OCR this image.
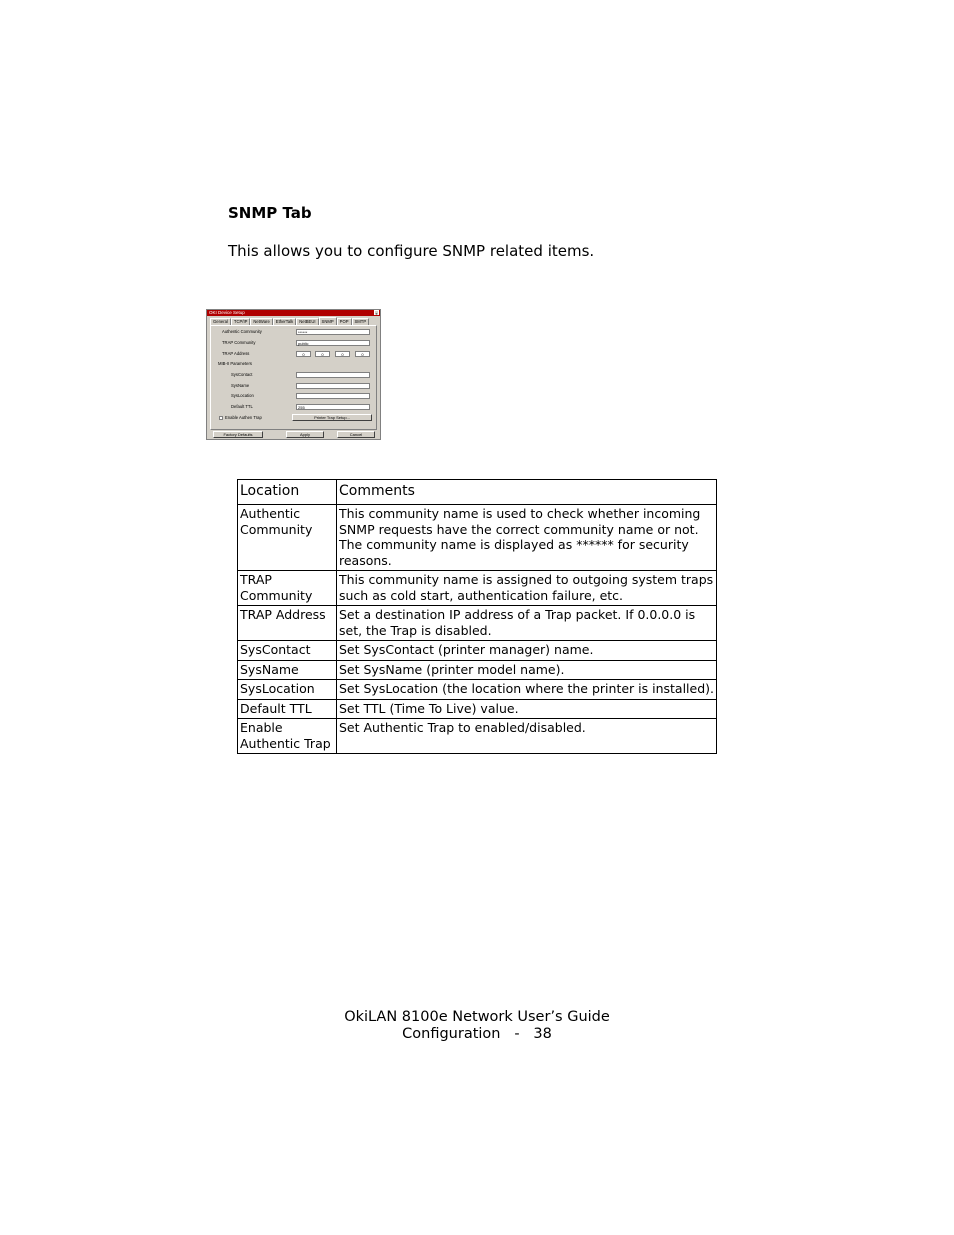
SNMP Tab
This allows you to configure SNMP related items.
OKI Device Setup	x
General	TCP/IP	NetWare	EtherTalk	NetBEUI	SNMP	POP	SMTP
Authentic Community	******
TRAP Community	public
TRAP Address	0	0	0	0
MIB-II Parameters
SysContact
SysName
SysLocation
Default TTL	255
Enable Authen Trap	Printer Trap Setup...
Factory Defaults	Apply	Cancel
Location	Comments
Authentic Community	This community name is used to check whether incoming SNMP requests have the correct community name or not. The community name is displayed as ****** for security reasons.
TRAP Community	This community name is assigned to outgoing system traps such as cold start, authentication failure, etc.
TRAP Address	Set a destination IP address of a Trap packet. If 0.0.0.0 is set, the Trap is disabled.
SysContact	Set SysContact (printer manager) name.
SysName	Set SysName (printer model name).
SysLocation	Set SysLocation (the location where the printer is installed).
Default TTL	Set TTL (Time To Live) value.
Enable Authentic Trap	Set Authentic Trap to enabled/disabled.
OkiLAN 8100e Network User’s Guide
Configuration   -   38
